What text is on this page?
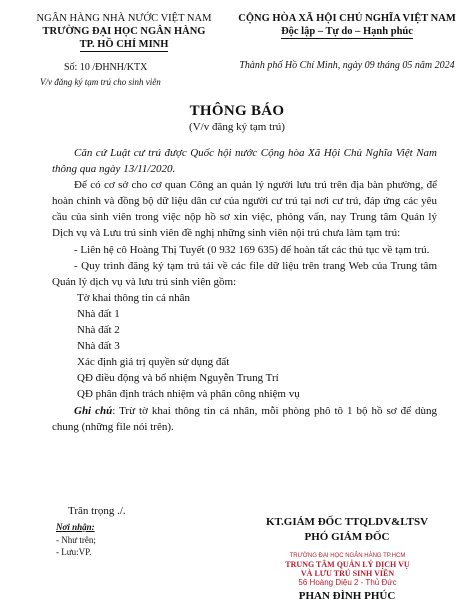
NGÂN HÀNG NHÀ NƯỚC VIỆT NAM
TRƯỜNG ĐẠI HỌC NGÂN HÀNG
TP. HỒ CHÍ MINH
CỘNG HÒA XÃ HỘI CHỦ NGHĨA VIỆT NAM
Độc lập – Tự do – Hạnh phúc
Số: 10 /ĐHNH/KTX
V/v đăng ký tạm trú cho sinh viên
Thành phố Hồ Chí Minh, ngày 09 tháng 05 năm 2024
THÔNG BÁO
(V/v đăng ký tạm trú)

Căn cứ Luật cư trú được Quốc hội nước Cộng hòa Xã Hội Chủ Nghĩa Việt Nam thông qua ngày 13/11/2020.

Để có cơ sở cho cơ quan Công an quản lý người lưu trú trên địa bàn phường, để hoàn chỉnh và đồng bộ dữ liệu dân cư của người cư trú tại nơi cư trú, đáp ứng các yêu cầu của sinh viên trong việc nộp hồ sơ xin việc, phỏng vấn, nay Trung tâm Quản lý Dịch vụ và Lưu trú sinh viên đề nghị những sinh viên nội trú chưa làm tạm trú:

- Liên hệ cô Hoàng Thị Tuyết (0 932 169 635) để hoàn tất các thủ tục về tạm trú.

- Quy trình đăng ký tạm trú tải về các file dữ liệu trên trang Web của Trung tâm Quản lý dịch vụ và lưu trú sinh viên gồm:

Tờ khai thông tin cá nhân
Nhà đất 1
Nhà đất 2
Nhà đất 3
Xác định giá trị quyền sử dụng đất
QĐ điều động và bổ nhiệm Nguyễn Trung Trí
QĐ phân định trách nhiệm và phân công nhiệm vụ

Ghi chú: Trừ tờ khai thông tin cá nhân, mỗi phòng phô tô 1 bộ hồ sơ để dùng chung (những file nói trên).

Trân trọng ./.
Nơi nhận:
- Như trên;
- Lưu:VP.
KT.GIÁM ĐỐC TTQLDV&LTSV
PHÓ GIÁM ĐỐC
TRƯỜNG ĐẠI HỌC NGÂN HÀNG TP.HCM
TRUNG TÂM QUẢN LÝ DỊCH VỤ
VÀ LƯU TRÚ SINH VIÊN
56 Hoàng Diệu 2 - Thủ Đức
PHAN ĐÌNH PHÚC
